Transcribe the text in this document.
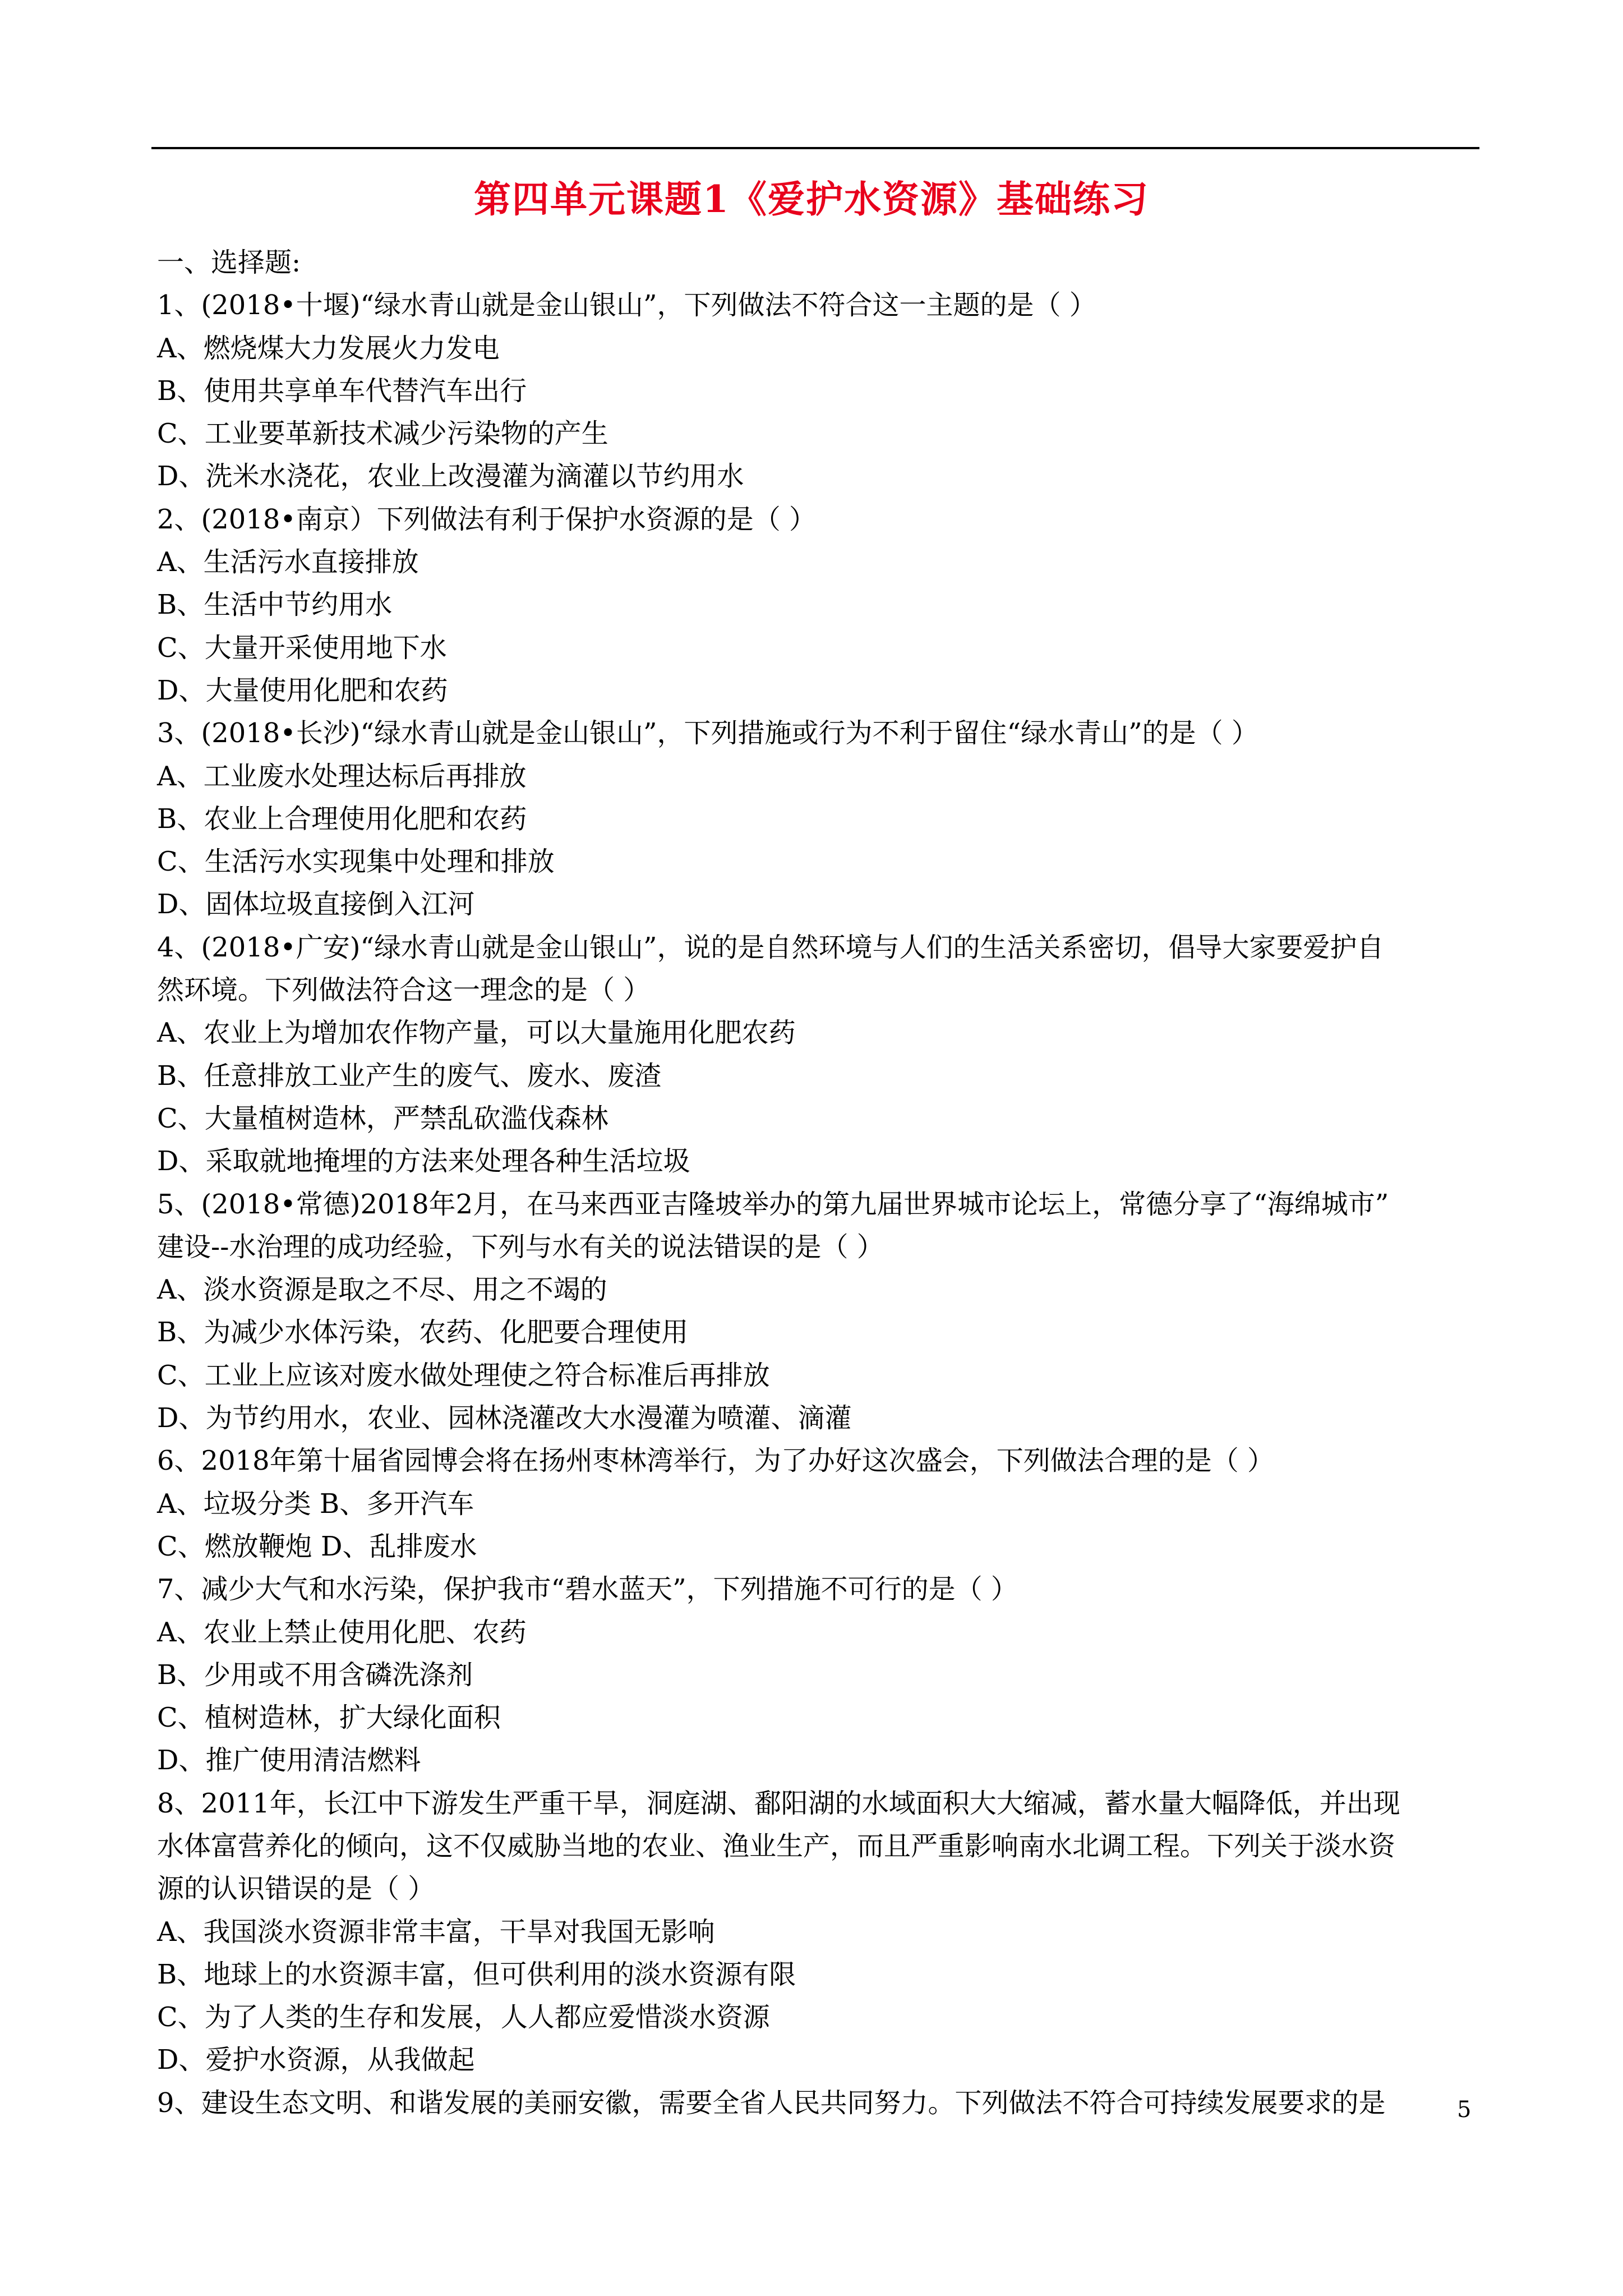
第四单元课题1《爱护水资源》基础练习
一、选择题:
1、(2018•十堰)“绿水青山就是金山银山”，下列做法不符合这一主题的是（ ）
A、燃烧煤大力发展火力发电
B、使用共享单车代替汽车出行
C、工业要革新技术减少污染物的产生
D、洗米水浇花，农业上改漫灌为滴灌以节约用水
2、(2018•南京）下列做法有利于保护水资源的是（ ）
A、生活污水直接排放
B、生活中节约用水
C、大量开采使用地下水
D、大量使用化肥和农药
3、(2018•长沙)“绿水青山就是金山银山”，下列措施或行为不利于留住“绿水青山”的是（ ）
A、工业废水处理达标后再排放
B、农业上合理使用化肥和农药
C、生活污水实现集中处理和排放
D、固体垃圾直接倒入江河
4、(2018•广安)“绿水青山就是金山银山”，说的是自然环境与人们的生活关系密切，倡导大家要爱护自
然环境。下列做法符合这一理念的是（ ）
A、农业上为增加农作物产量，可以大量施用化肥农药
B、任意排放工业产生的废气、废水、废渣
C、大量植树造林，严禁乱砍滥伐森林
D、采取就地掩埋的方法来处理各种生活垃圾
5、(2018•常德)2018年2月，在马来西亚吉隆坡举办的第九届世界城市论坛上，常德分享了“海绵城市”
建设--水治理的成功经验，下列与水有关的说法错误的是（ ）
A、淡水资源是取之不尽、用之不竭的
B、为减少水体污染，农药、化肥要合理使用
C、工业上应该对废水做处理使之符合标准后再排放
D、为节约用水，农业、园林浇灌改大水漫灌为喷灌、滴灌
6、2018年第十届省园博会将在扬州枣林湾举行，为了办好这次盛会，下列做法合理的是（ ）
A、垃圾分类 B、多开汽车
C、燃放鞭炮 D、乱排废水
7、减少大气和水污染，保护我市“碧水蓝天”，下列措施不可行的是（ ）
A、农业上禁止使用化肥、农药
B、少用或不用含磷洗涤剂
C、植树造林，扩大绿化面积
D、推广使用清洁燃料
8、2011年，长江中下游发生严重干旱，洞庭湖、鄱阳湖的水域面积大大缩减，蓄水量大幅降低，并出现
水体富营养化的倾向，这不仅威胁当地的农业、渔业生产，而且严重影响南水北调工程。下列关于淡水资
源的认识错误的是（ ）
A、我国淡水资源非常丰富，干旱对我国无影响
B、地球上的水资源丰富，但可供利用的淡水资源有限
C、为了人类的生存和发展，人人都应爱惜淡水资源
D、爱护水资源，从我做起
9、建设生态文明、和谐发展的美丽安徽，需要全省人民共同努力。下列做法不符合可持续发展要求的是	5
